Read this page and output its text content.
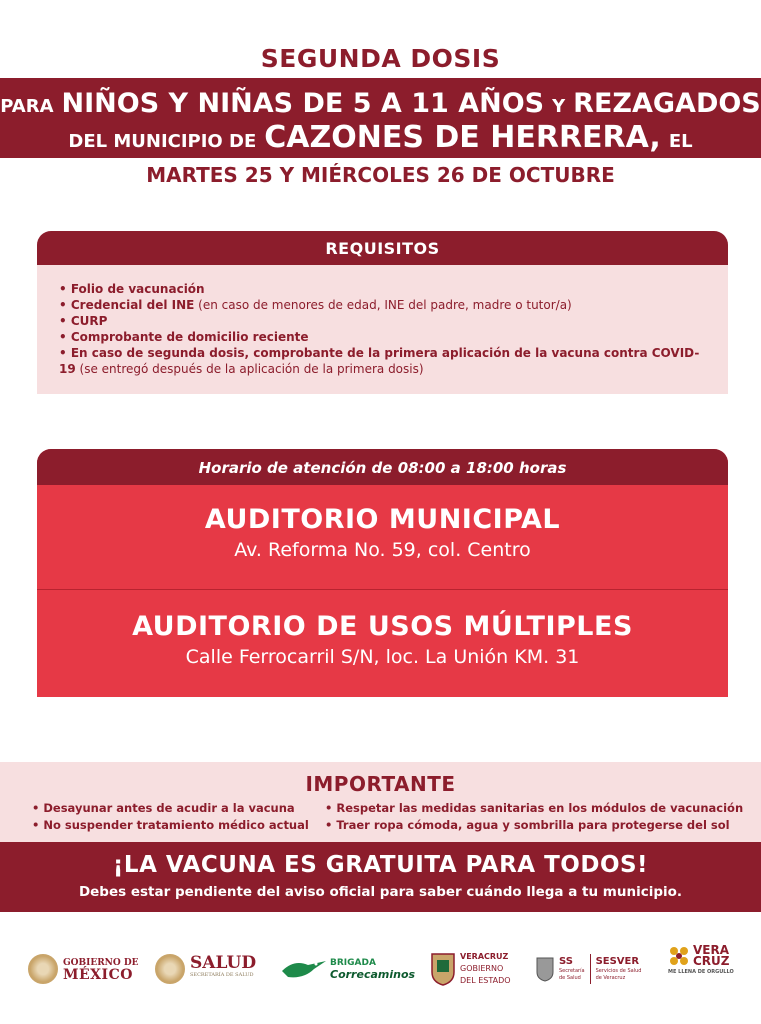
SEGUNDA DOSIS
PARA NIÑOS Y NIÑAS DE 5 A 11 AÑOS Y REZAGADOS
DEL MUNICIPIO DE CAZONES DE HERRERA, EL
MARTES 25 Y MIÉRCOLES 26 DE OCTUBRE
REQUISITOS
• Folio de vacunación
• Credencial del INE (en caso de menores de edad, INE del padre, madre o tutor/a)
• CURP
• Comprobante de domicilio reciente
• En caso de segunda dosis, comprobante de la primera aplicación de la vacuna contra COVID-19 (se entregó después de la aplicación de la primera dosis)
Horario de atención de 08:00 a 18:00 horas
AUDITORIO MUNICIPAL
Av. Reforma No. 59, col. Centro
AUDITORIO DE USOS MÚLTIPLES
Calle Ferrocarril S/N, loc. La Unión KM. 31
IMPORTANTE
• Desayunar antes de acudir a la vacuna
• No suspender tratamiento médico actual
• Respetar las medidas sanitarias en los módulos de vacunación
• Traer ropa cómoda, agua y sombrilla para protegerse del sol
¡LA VACUNA ES GRATUITA PARA TODOS!
Debes estar pendiente del aviso oficial para saber cuándo llega a tu municipio.
GOBIERNO DE
MÉXICO
SALUD
SECRETARÍA DE SALUD
BRIGADA
Correcaminos
VERACRUZ
GOBIERNO
DEL ESTADO
SS
Secretaría
de Salud
SESVER
Servicios de Salud
de Veracruz
VERA
CRUZ
ME LLENA DE ORGULLO
